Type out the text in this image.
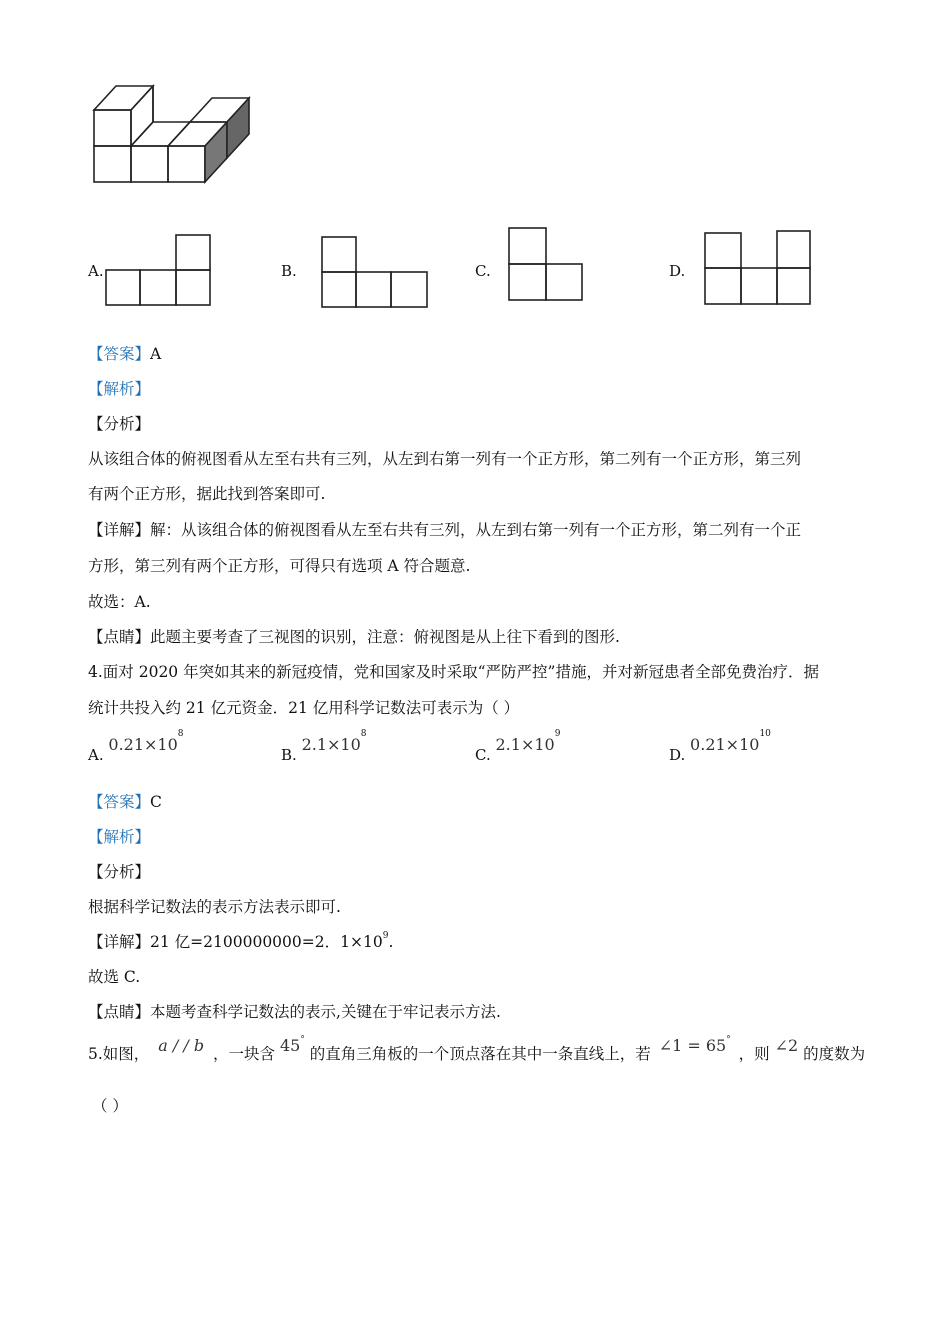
A.	B.	C.	D.
【答案】A
【解析】
【分析】
从该组合体的俯视图看从左至右共有三列，从左到右第一列有一个正方形，第二列有一个正方形，第三列
有两个正方形，据此找到答案即可.
【详解】解：从该组合体的俯视图看从左至右共有三列，从左到右第一列有一个正方形，第二列有一个正
方形，第三列有两个正方形，可得只有选项 A 符合题意.
故选：A.
【点睛】此题主要考查了三视图的识别，注意：俯视图是从上往下看到的图形.
4.面对 2020 年突如其来的新冠疫情，党和国家及时采取“严防严控”措施，并对新冠患者全部免费治疗．据
统计共投入约 21 亿元资金．21 亿用科学记数法可表示为（ ）
A. $0.21\times 10^8$
B. $2.1\times 10^8$
C. $2.1\times 10^9$
D. $0.21\times 10^{10}$
【答案】C
【解析】
【分析】
根据科学记数法的表示方法表示即可.
【详解】21 亿=2100000000=2．$1\times 10^9$.
故选 C.
【点睛】本题考查科学记数法的表示,关键在于牢记表示方法.
5.如图， a / / b ，一块含 45° 的直角三角板的一个顶点落在其中一条直线上，若 ∠1 = 65° ，则 ∠2 的度数为
（ ）
